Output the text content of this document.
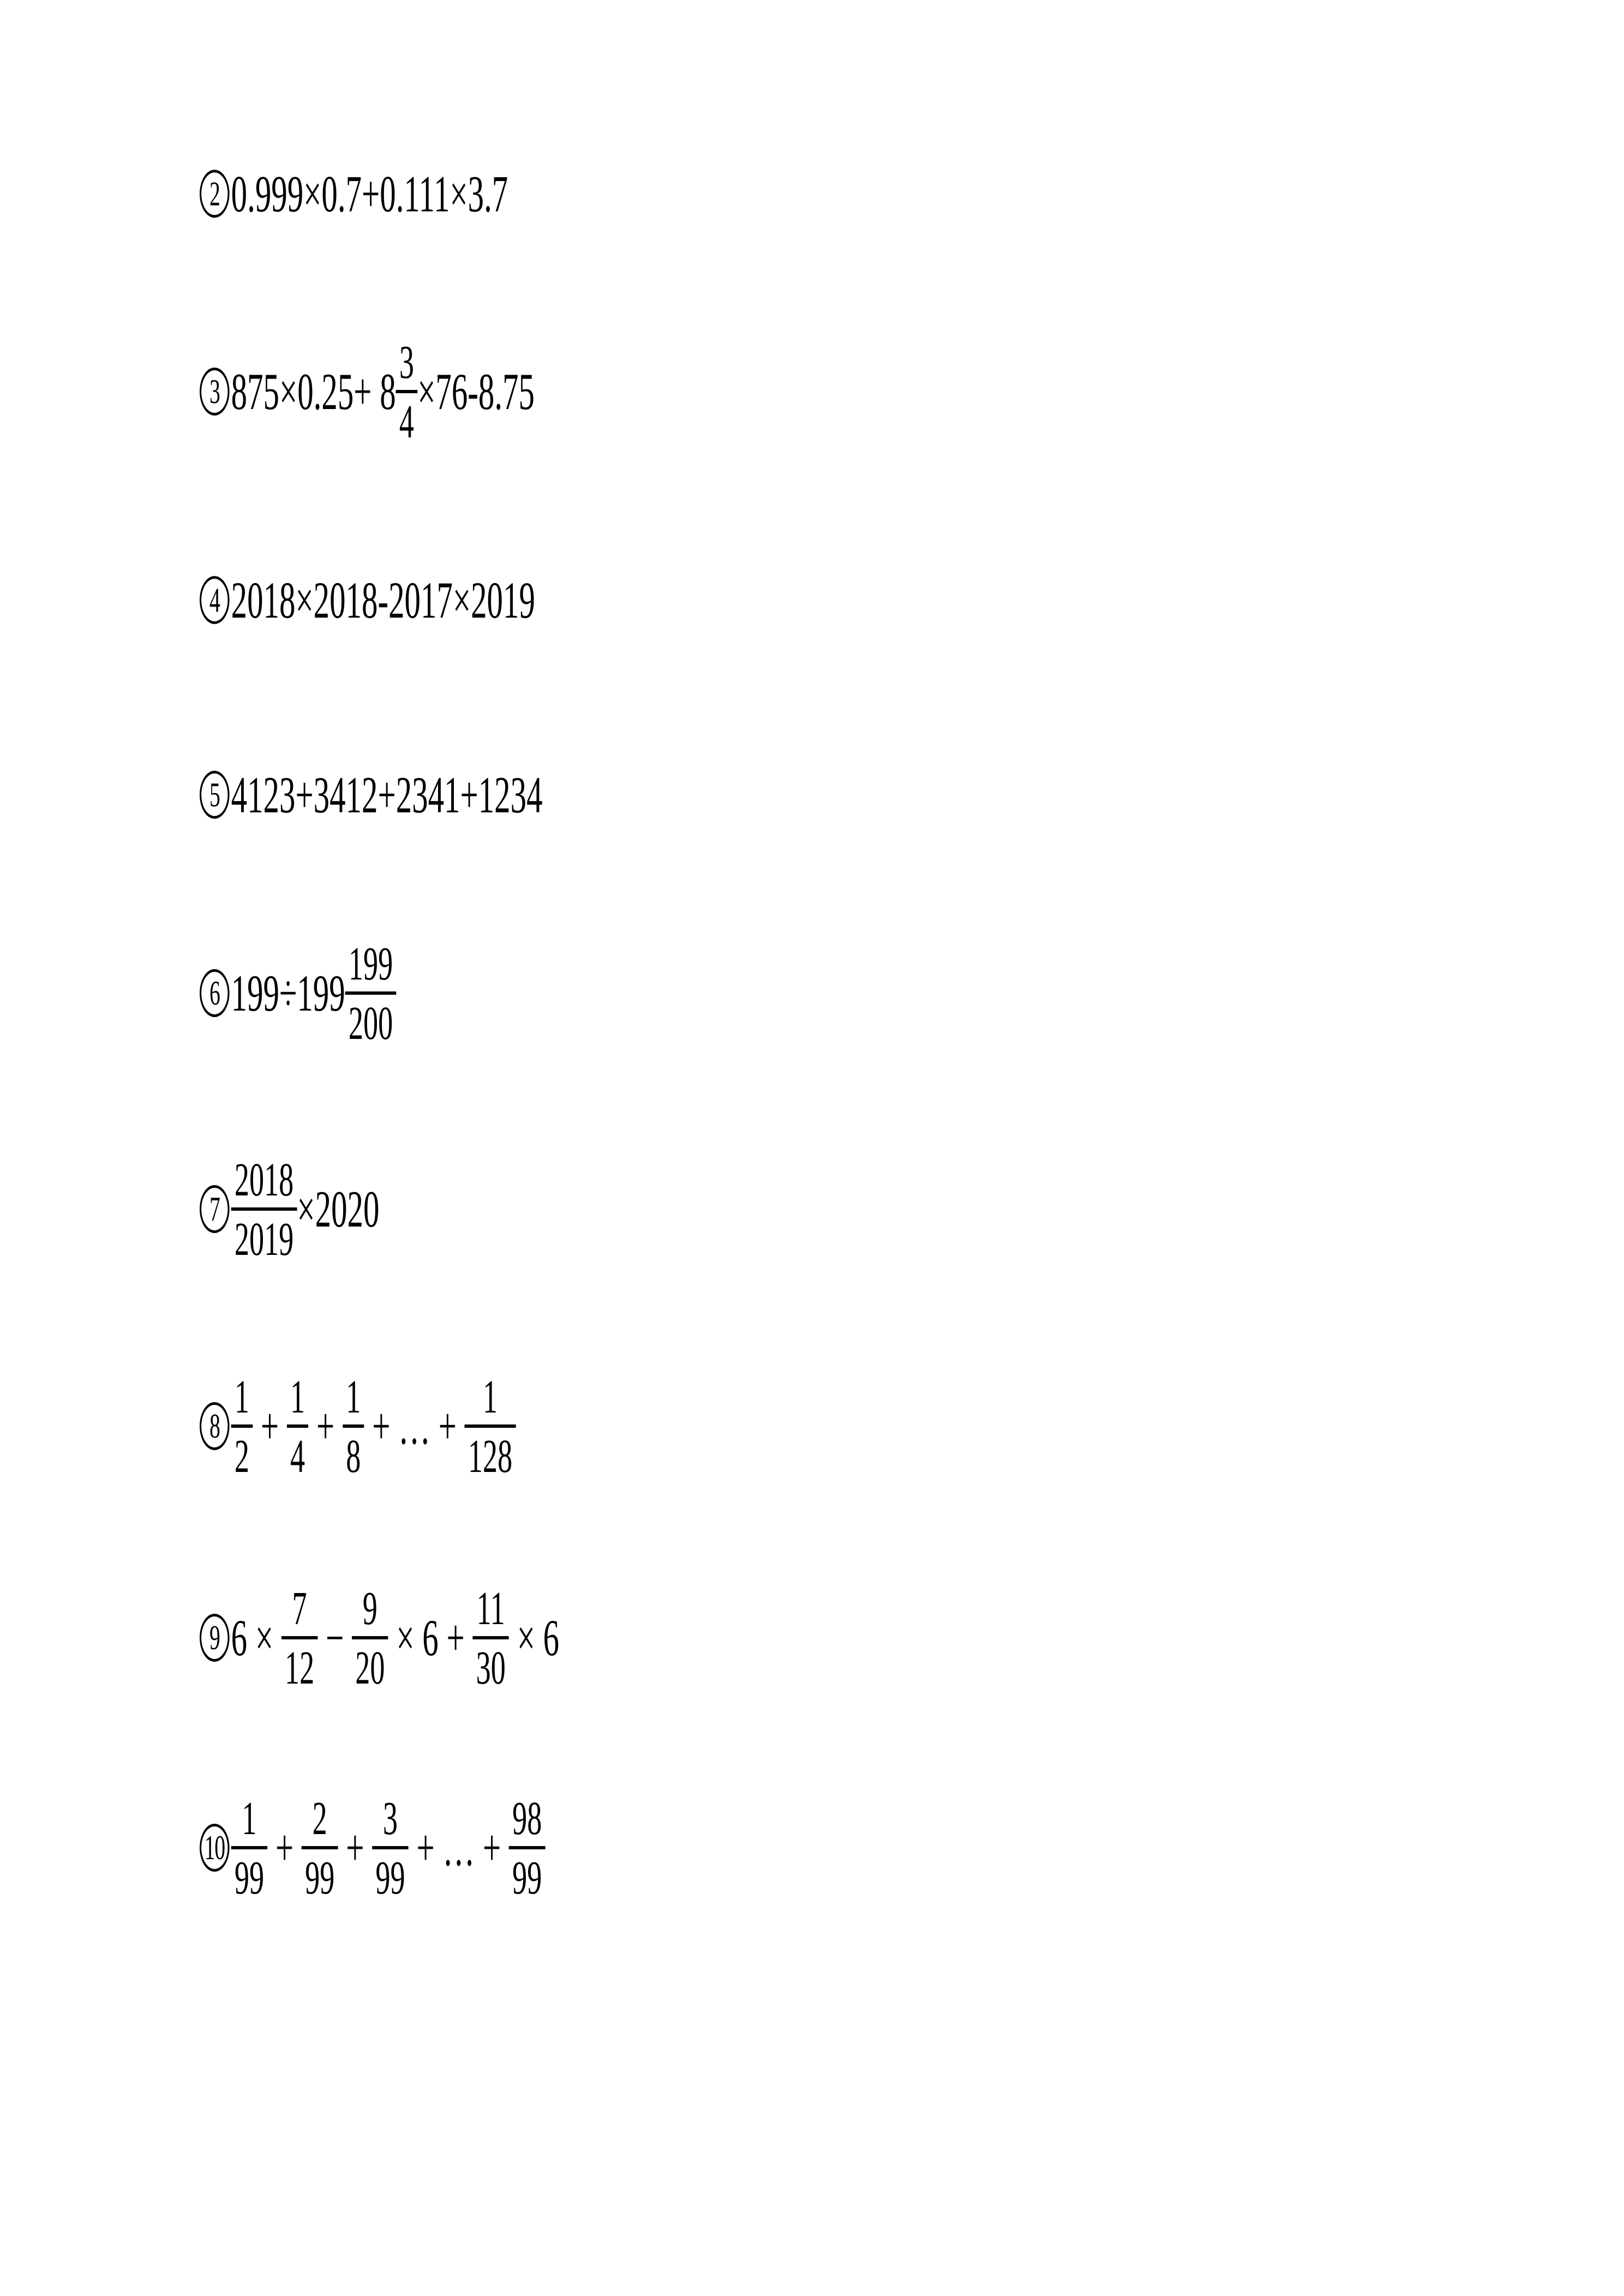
2 0.999×0.7+0.111×3.7
3 $875\times 0.25+ 8 \frac{3}{4} \times 76-8.75$
4 2018×2018-2017×2019
5 4123+3412+2341+1234
6 $199\div 199 \frac{199}{200}$
$7 \frac{2018}{2019} \times 2020$
$8 \frac{1}{2} + \frac{1}{4} + \frac{1}{8}$ + … + $\frac{1}{128}$
9 $6 \times \frac{7}{12} - \frac{9}{20} \times 6 + \frac{11}{30} \times 6$
$10 \frac{1}{99} + \frac{2}{99} + \frac{3}{99}$ + … + $\frac{98}{99}$
